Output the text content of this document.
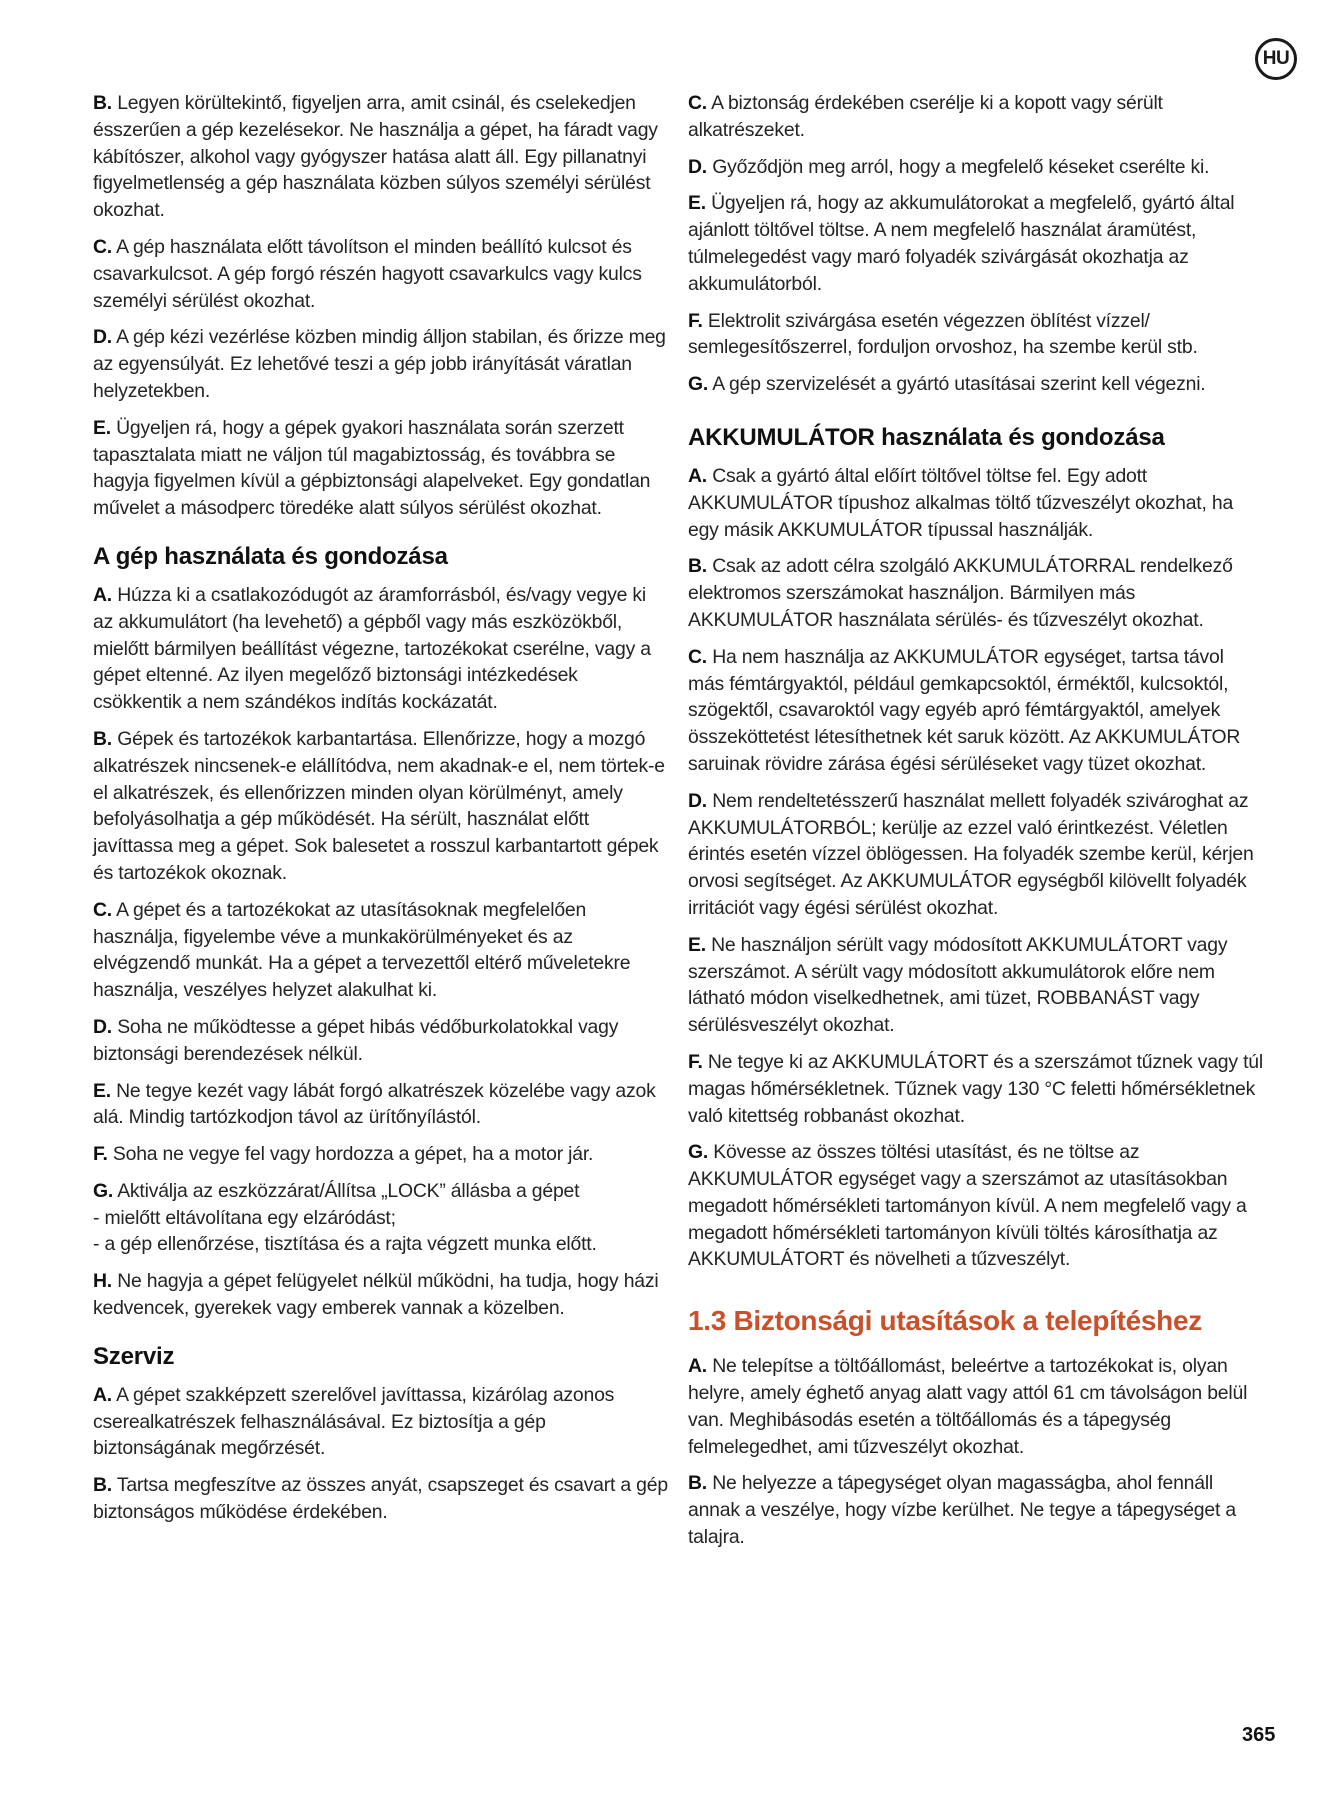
HU

B. Legyen körültekintő, figyeljen arra, amit csinál, és cselekedjen ésszerűen a gép kezelésekor. Ne használja a gépet, ha fáradt vagy kábítószer, alkohol vagy gyógyszer hatása alatt áll. Egy pillanatnyi figyelmetlenség a gép használata közben súlyos személyi sérülést okozhat.

C. A gép használata előtt távolítson el minden beállító kulcsot és csavarkulcsot. A gép forgó részén hagyott csavarkulcs vagy kulcs személyi sérülést okozhat.

D. A gép kézi vezérlése közben mindig álljon stabilan, és őrizze meg az egyensúlyát. Ez lehetővé teszi a gép jobb irányítását váratlan helyzetekben.

E. Ügyeljen rá, hogy a gépek gyakori használata során szerzett tapasztalata miatt ne váljon túl magabiztosság, és továbbra se hagyja figyelmen kívül a gépbiztonsági alapelveket. Egy gondatlan művelet a másodperc töredéke alatt súlyos sérülést okozhat.

A gép használata és gondozása

A. Húzza ki a csatlakozódugót az áramforrásból, és/vagy vegye ki az akkumulátort (ha levehető) a gépből vagy más eszközökből, mielőtt bármilyen beállítást végezne, tartozékokat cserélne, vagy a gépet eltenné. Az ilyen megelőző biztonsági intézkedések csökkentik a nem szándékos indítás kockázatát.

B. Gépek és tartozékok karbantartása. Ellenőrizze, hogy a mozgó alkatrészek nincsenek-e elállítódva, nem akadnak-e el, nem törtek-e el alkatrészek, és ellenőrizzen minden olyan körülményt, amely befolyásolhatja a gép működését. Ha sérült, használat előtt javíttassa meg a gépet. Sok balesetet a rosszul karbantartott gépek és tartozékok okoznak.

C. A gépet és a tartozékokat az utasításoknak megfelelően használja, figyelembe véve a munkakörülményeket és az elvégzendő munkát. Ha a gépet a tervezettől eltérő műveletekre használja, veszélyes helyzet alakulhat ki.

D. Soha ne működtesse a gépet hibás védőburkolatokkal vagy biztonsági berendezések nélkül.

E. Ne tegye kezét vagy lábát forgó alkatrészek közelébe vagy azok alá. Mindig tartózkodjon távol az ürítőnyílástól.

F. Soha ne vegye fel vagy hordozza a gépet, ha a motor jár.

G. Aktiválja az eszközzárat/Állítsa „LOCK” állásba a gépet
- mielőtt eltávolítana egy elzáródást;
- a gép ellenőrzése, tisztítása és a rajta végzett munka előtt.

H. Ne hagyja a gépet felügyelet nélkül működni, ha tudja, hogy házi kedvencek, gyerekek vagy emberek vannak a közelben.

Szerviz

A. A gépet szakképzett szerelővel javíttassa, kizárólag azonos cserealkatrészek felhasználásával. Ez biztosítja a gép biztonságának megőrzését.

B. Tartsa megfeszítve az összes anyát, csapszeget és csavart a gép biztonságos működése érdekében.

C. A biztonság érdekében cserélje ki a kopott vagy sérült alkatrészeket.

D. Győződjön meg arról, hogy a megfelelő késeket cserélte ki.

E. Ügyeljen rá, hogy az akkumulátorokat a megfelelő, gyártó által ajánlott töltővel töltse. A nem megfelelő használat áramütést, túlmelegedést vagy maró folyadék szivárgását okozhatja az akkumulátorból.

F. Elektrolit szivárgása esetén végezzen öblítést vízzel/ semlegesítőszerrel, forduljon orvoshoz, ha szembe kerül stb.

G. A gép szervizelését a gyártó utasításai szerint kell végezni.

AKKUMULÁTOR használata és gondozása

A. Csak a gyártó által előírt töltővel töltse fel. Egy adott AKKUMULÁTOR típushoz alkalmas töltő tűzveszélyt okozhat, ha egy másik AKKUMULÁTOR típussal használják.

B. Csak az adott célra szolgáló AKKUMULÁTORRAL rendelkező elektromos szerszámokat használjon. Bármilyen más AKKUMULÁTOR használata sérülés- és tűzveszélyt okozhat.

C. Ha nem használja az AKKUMULÁTOR egységet, tartsa távol más fémtárgyaktól, például gemkapcsoktól, érméktől, kulcsoktól, szögektől, csavaroktól vagy egyéb apró fémtárgyaktól, amelyek összeköttetést létesíthetnek két saruk között. Az AKKUMULÁTOR saruinak rövidre zárása égési sérüléseket vagy tüzet okozhat.

D. Nem rendeltetésszerű használat mellett folyadék szivároghat az AKKUMULÁTORBÓL; kerülje az ezzel való érintkezést. Véletlen érintés esetén vízzel öblögessen. Ha folyadék szembe kerül, kérjen orvosi segítséget. Az AKKUMULÁTOR egységből kilövellt folyadék irritációt vagy égési sérülést okozhat.

E. Ne használjon sérült vagy módosított AKKUMULÁTORT vagy szerszámot. A sérült vagy módosított akkumulátorok előre nem látható módon viselkedhetnek, ami tüzet, ROBBANÁST vagy sérülésveszélyt okozhat.

F. Ne tegye ki az AKKUMULÁTORT és a szerszámot tűznek vagy túl magas hőmérsékletnek. Tűznek vagy 130 °C feletti hőmérsékletnek való kitettség robbanást okozhat.

G. Kövesse az összes töltési utasítást, és ne töltse az AKKUMULÁTOR egységet vagy a szerszámot az utasításokban megadott hőmérsékleti tartományon kívül. A nem megfelelő vagy a megadott hőmérsékleti tartományon kívüli töltés károsíthatja az AKKUMULÁTORT és növelheti a tűzveszélyt.

1.3 Biztonsági utasítások a telepítéshez

A. Ne telepítse a töltőállomást, beleértve a tartozékokat is, olyan helyre, amely éghető anyag alatt vagy attól 61 cm távolságon belül van. Meghibásodás esetén a töltőállomás és a tápegység felmelegedhet, ami tűzveszélyt okozhat.

B. Ne helyezze a tápegységet olyan magasságba, ahol fennáll annak a veszélye, hogy vízbe kerülhet. Ne tegye a tápegységet a talajra.

365
